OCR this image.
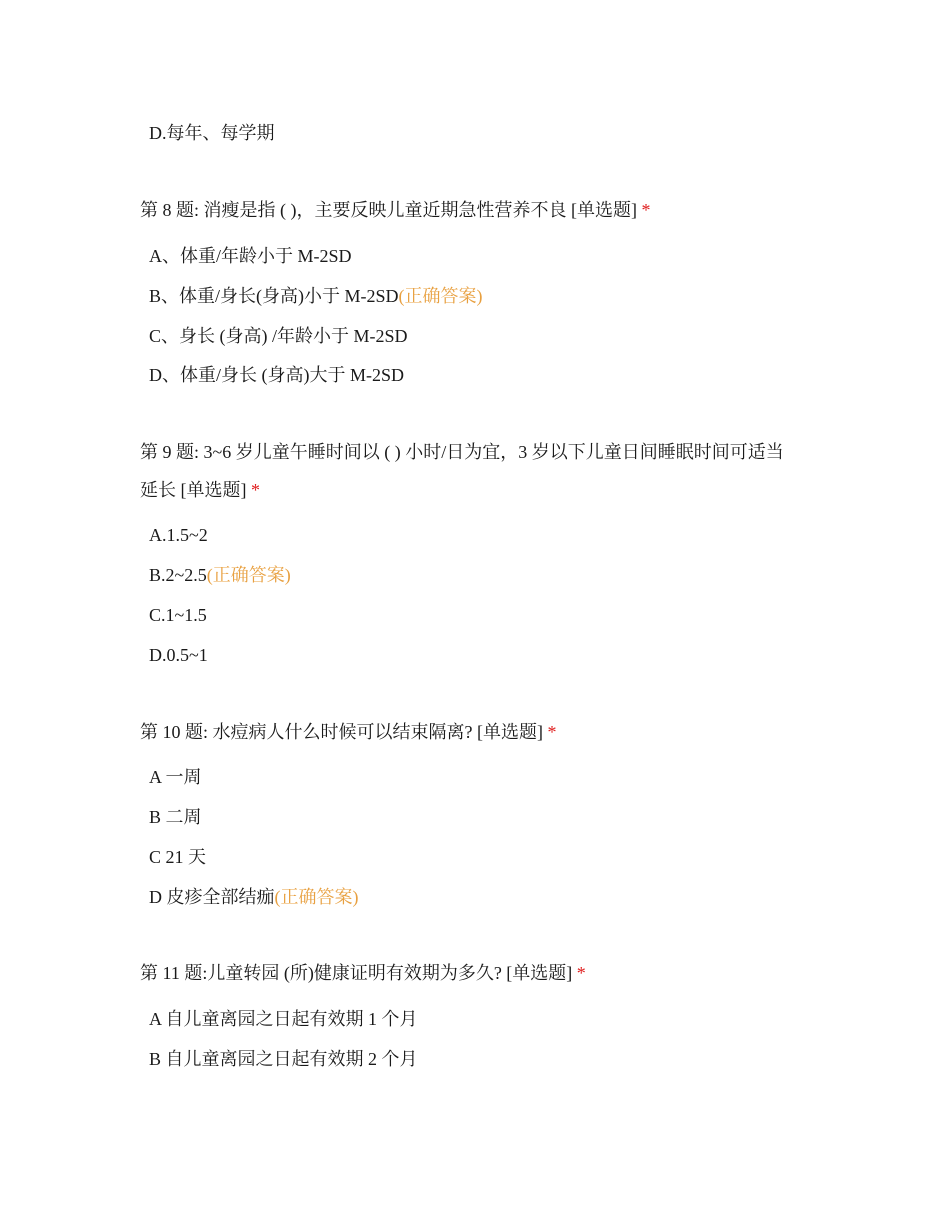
D.每年、每学期
第 8 题: 消瘦是指 ( )，主要反映儿童近期急性营养不良 [单选题] *
A、体重/年龄小于 M-2SD
B、体重/身长(身高)小于 M-2SD(正确答案)
C、身长 (身高) /年龄小于 M-2SD
D、体重/身长 (身高)大于 M-2SD
第 9 题: 3~6 岁儿童午睡时间以 ( ) 小时/日为宜，3 岁以下儿童日间睡眠时间可适当
延长 [单选题] *
A.1.5~2
B.2~2.5(正确答案)
C.1~1.5
D.0.5~1
第 10 题: 水痘病人什么时候可以结束隔离? [单选题] *
A 一周
B 二周
C 21 天
D 皮疹全部结痂(正确答案)
第 11 题:儿童转园 (所)健康证明有效期为多久? [单选题] *
A 自儿童离园之日起有效期 1 个月
B 自儿童离园之日起有效期 2 个月
